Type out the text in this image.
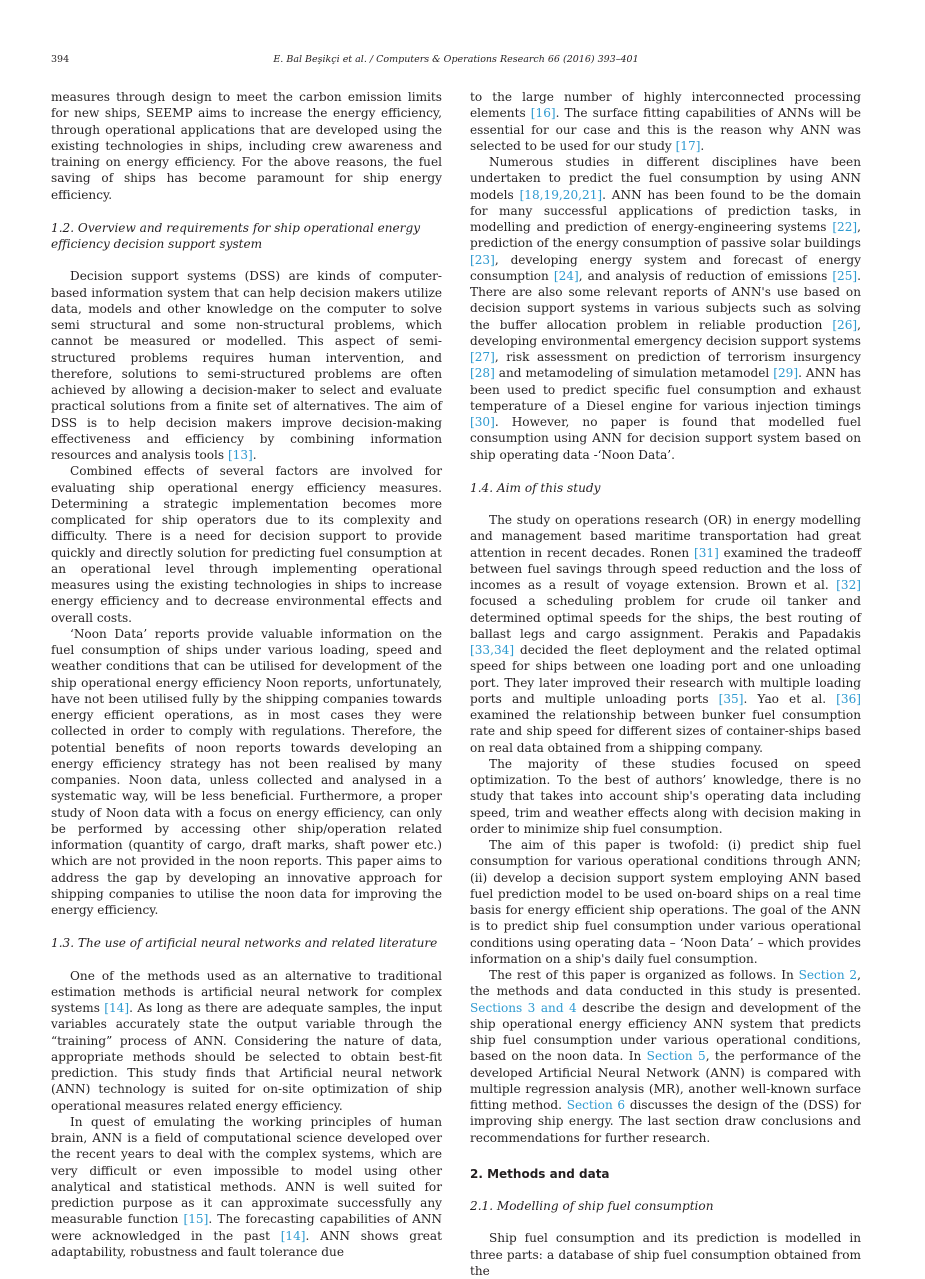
394	E. Bal Beşikçi et al. / Computers & Operations Research 66 (2016) 393–401

measures through design to meet the carbon emission limits for new ships, SEEMP aims to increase the energy efficiency, through operational applications that are developed using the existing technologies in ships, including crew awareness and training on energy efficiency. For the above reasons, the fuel saving of ships has become paramount for ship energy efficiency.

1.2. Overview and requirements for ship operational energy efficiency decision support system

Decision support systems (DSS) are kinds of computer-based information system that can help decision makers utilize data, models and other knowledge on the computer to solve semi structural and some non-structural problems, which cannot be measured or modelled. This aspect of semi-structured problems requires human intervention, and therefore, solutions to semi-structured problems are often achieved by allowing a decision-maker to select and evaluate practical solutions from a finite set of alternatives. The aim of DSS is to help decision makers improve decision-making effectiveness and efficiency by combining information resources and analysis tools [13].

Combined effects of several factors are involved for evaluating ship operational energy efficiency measures. Determining a strategic implementation becomes more complicated for ship operators due to its complexity and difficulty. There is a need for decision support to provide quickly and directly solution for predicting fuel consumption at an operational level through implementing operational measures using the existing technologies in ships to increase energy efficiency and to decrease environmental effects and overall costs.

‘Noon Data’ reports provide valuable information on the fuel consumption of ships under various loading, speed and weather conditions that can be utilised for development of the ship operational energy efficiency Noon reports, unfortunately, have not been utilised fully by the shipping companies towards energy efficient operations, as in most cases they were collected in order to comply with regulations. Therefore, the potential benefits of noon reports towards developing an energy efficiency strategy has not been realised by many companies. Noon data, unless collected and analysed in a systematic way, will be less beneficial. Furthermore, a proper study of Noon data with a focus on energy efficiency, can only be performed by accessing other ship/operation related information (quantity of cargo, draft marks, shaft power etc.) which are not provided in the noon reports. This paper aims to address the gap by developing an innovative approach for shipping companies to utilise the noon data for improving the energy efficiency.

1.3. The use of artificial neural networks and related literature

One of the methods used as an alternative to traditional estimation methods is artificial neural network for complex systems [14]. As long as there are adequate samples, the input variables accurately state the output variable through the “training” process of ANN. Considering the nature of data, appropriate methods should be selected to obtain best-fit prediction. This study finds that Artificial neural network (ANN) technology is suited for on-site optimization of ship operational measures related energy efficiency.

In quest of emulating the working principles of human brain, ANN is a field of computational science developed over the recent years to deal with the complex systems, which are very difficult or even impossible to model using other analytical and statistical methods. ANN is well suited for prediction purpose as it can approximate successfully any measurable function [15]. The forecasting capabilities of ANN were acknowledged in the past [14]. ANN shows great adaptability, robustness and fault tolerance due

to the large number of highly interconnected processing elements [16]. The surface fitting capabilities of ANNs will be essential for our case and this is the reason why ANN was selected to be used for our study [17].

Numerous studies in different disciplines have been undertaken to predict the fuel consumption by using ANN models [18,19,20,21]. ANN has been found to be the domain for many successful applications of prediction tasks, in modelling and prediction of energy-engineering systems [22], prediction of the energy consumption of passive solar buildings [23], developing energy system and forecast of energy consumption [24], and analysis of reduction of emissions [25]. There are also some relevant reports of ANN's use based on decision support systems in various subjects such as solving the buffer allocation problem in reliable production [26], developing environmental emergency decision support systems [27], risk assessment on prediction of terrorism insurgency [28] and metamodeling of simulation metamodel [29]. ANN has been used to predict specific fuel consumption and exhaust temperature of a Diesel engine for various injection timings [30]. However, no paper is found that modelled fuel consumption using ANN for decision support system based on ship operating data -‘Noon Data’.

1.4. Aim of this study

The study on operations research (OR) in energy modelling and management based maritime transportation had great attention in recent decades. Ronen [31] examined the tradeoff between fuel savings through speed reduction and the loss of incomes as a result of voyage extension. Brown et al. [32] focused a scheduling problem for crude oil tanker and determined optimal speeds for the ships, the best routing of ballast legs and cargo assignment. Perakis and Papadakis [33,34] decided the fleet deployment and the related optimal speed for ships between one loading port and one unloading port. They later improved their research with multiple loading ports and multiple unloading ports [35]. Yao et al. [36] examined the relationship between bunker fuel consumption rate and ship speed for different sizes of container-ships based on real data obtained from a shipping company.

The majority of these studies focused on speed optimization. To the best of authors’ knowledge, there is no study that takes into account ship's operating data including speed, trim and weather effects along with decision making in order to minimize ship fuel consumption.

The aim of this paper is twofold: (i) predict ship fuel consumption for various operational conditions through ANN; (ii) develop a decision support system employing ANN based fuel prediction model to be used on-board ships on a real time basis for energy efficient ship operations. The goal of the ANN is to predict ship fuel consumption under various operational conditions using operating data – ‘Noon Data’ – which provides information on a ship's daily fuel consumption.

The rest of this paper is organized as follows. In Section 2, the methods and data conducted in this study is presented. Sections 3 and 4 describe the design and development of the ship operational energy efficiency ANN system that predicts ship fuel consumption under various operational conditions, based on the noon data. In Section 5, the performance of the developed Artificial Neural Network (ANN) is compared with multiple regression analysis (MR), another well-known surface fitting method. Section 6 discusses the design of the (DSS) for improving ship energy. The last section draw conclusions and recommendations for further research.

2. Methods and data

2.1. Modelling of ship fuel consumption

Ship fuel consumption and its prediction is modelled in three parts: a database of ship fuel consumption obtained from the
